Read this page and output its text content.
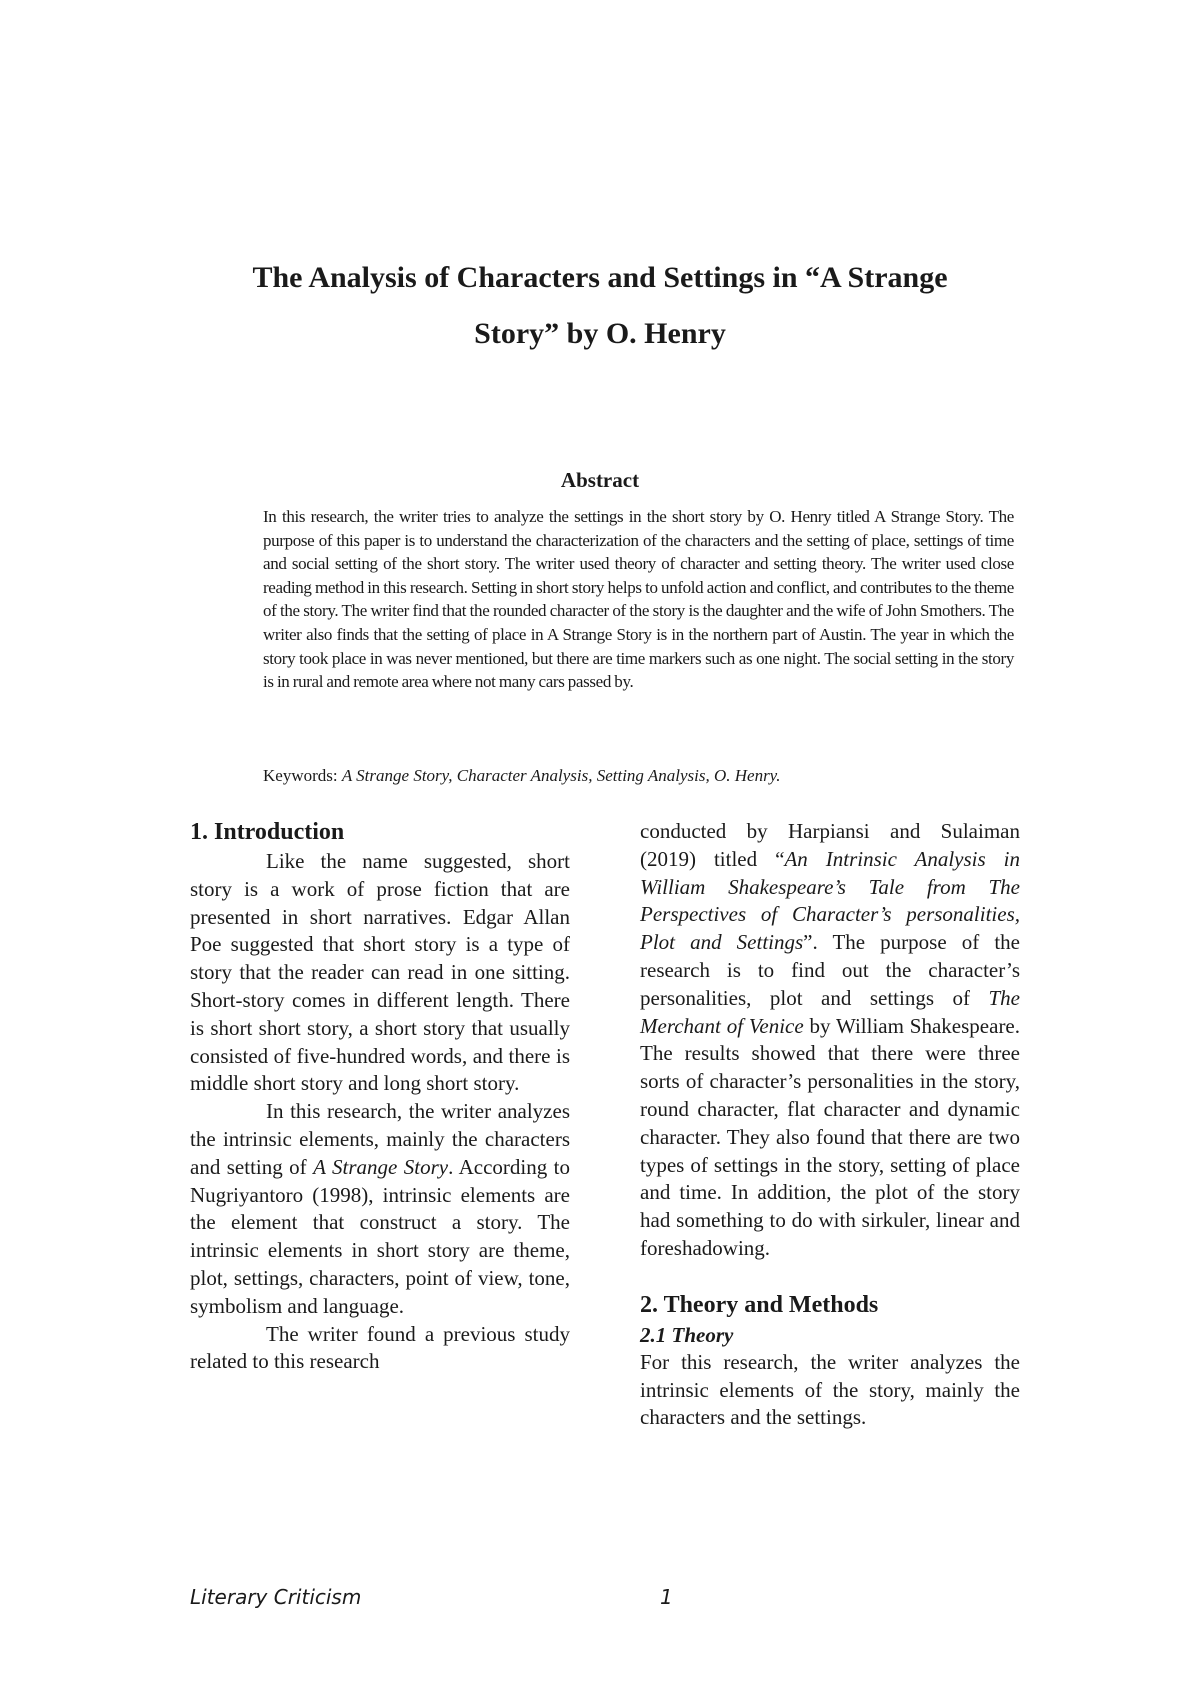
The Analysis of Characters and Settings in “A Strange
Story” by O. Henry
Abstract

In this research, the writer tries to analyze the settings in the short story by O. Henry titled A Strange Story. The purpose of this paper is to understand the characterization of the characters and the setting of place, settings of time and social setting of the short story. The writer used theory of character and setting theory. The writer used close reading method in this research. Setting in short story helps to unfold action and conflict, and contributes to the theme of the story. The writer find that the rounded character of the story is the daughter and the wife of John Smothers. The writer also finds that the setting of place in A Strange Story is in the northern part of Austin. The year in which the story took place in was never mentioned, but there are time markers such as one night. The social setting in the story is in rural and remote area where not many cars passed by.

Keywords: A Strange Story, Character Analysis, Setting Analysis, O. Henry.

1. Introduction

Like the name suggested, short story is a work of prose fiction that are presented in short narratives. Edgar Allan Poe suggested that short story is a type of story that the reader can read in one sitting. Short-story comes in different length. There is short short story, a short story that usually consisted of five-hundred words, and there is middle short story and long short story.

In this research, the writer analyzes the intrinsic elements, mainly the characters and setting of A Strange Story. According to Nugriyantoro (1998), intrinsic elements are the element that construct a story. The intrinsic elements in short story are theme, plot, settings, characters, point of view, tone, symbolism and language.

The writer found a previous study related to this research

conducted by Harpiansi and Sulaiman (2019) titled “An Intrinsic Analysis in William Shakespeare’s Tale from The Perspectives of Character’s personalities, Plot and Settings”. The purpose of the research is to find out the character’s personalities, plot and settings of The Merchant of Venice by William Shakespeare. The results showed that there were three sorts of character’s personalities in the story, round character, flat character and dynamic character. They also found that there are two types of settings in the story, setting of place and time. In addition, the plot of the story had something to do with sirkuler, linear and foreshadowing.

2. Theory and Methods
2.1 Theory

For this research, the writer analyzes the intrinsic elements of the story, mainly the characters and the settings.

Literary Criticism	1
